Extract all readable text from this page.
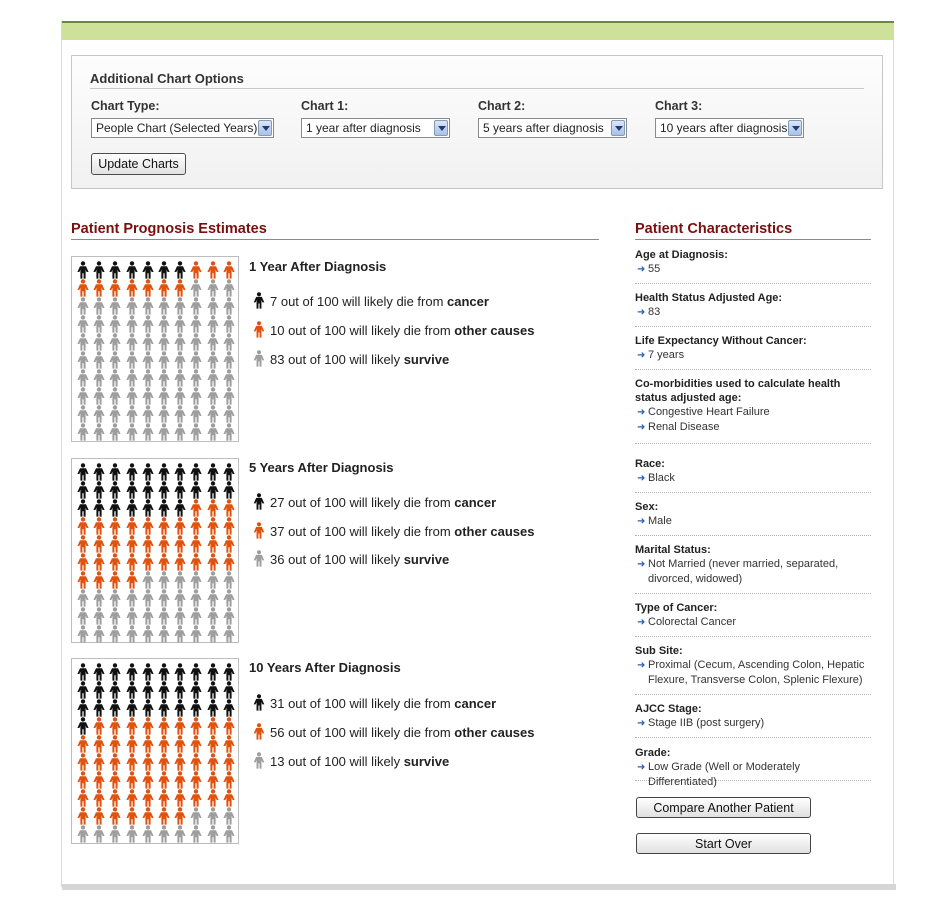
Additional Chart Options
Chart Type:
People Chart (Selected Years)
Chart 1:
1 year after diagnosis
Chart 2:
5 years after diagnosis
Chart 3:
10 years after diagnosis
Update Charts
Patient Prognosis Estimates
1 Year After Diagnosis
7 out of 100 will likely die from cancer
10 out of 100 will likely die from other causes
83 out of 100 will likely survive
5 Years After Diagnosis
27 out of 100 will likely die from cancer
37 out of 100 will likely die from other causes
36 out of 100 will likely survive
10 Years After Diagnosis
31 out of 100 will likely die from cancer
56 out of 100 will likely die from other causes
13 out of 100 will likely survive
Patient Characteristics
Age at Diagnosis:
➜ 55
Health Status Adjusted Age:
➜ 83
Life Expectancy Without Cancer:
➜ 7 years
Co-morbidities used to calculate health status adjusted age:
➜ Congestive Heart Failure
➜ Renal Disease
Race:
➜ Black
Sex:
➜ Male
Marital Status:
➜ Not Married (never married, separated, divorced, widowed)
Type of Cancer:
➜ Colorectal Cancer
Sub Site:
➜ Proximal (Cecum, Ascending Colon, Hepatic Flexure, Transverse Colon, Splenic Flexure)
AJCC Stage:
➜ Stage IIB (post surgery)
Grade:
➜ Low Grade (Well or Moderately Differentiated)
Compare Another Patient
Start Over
